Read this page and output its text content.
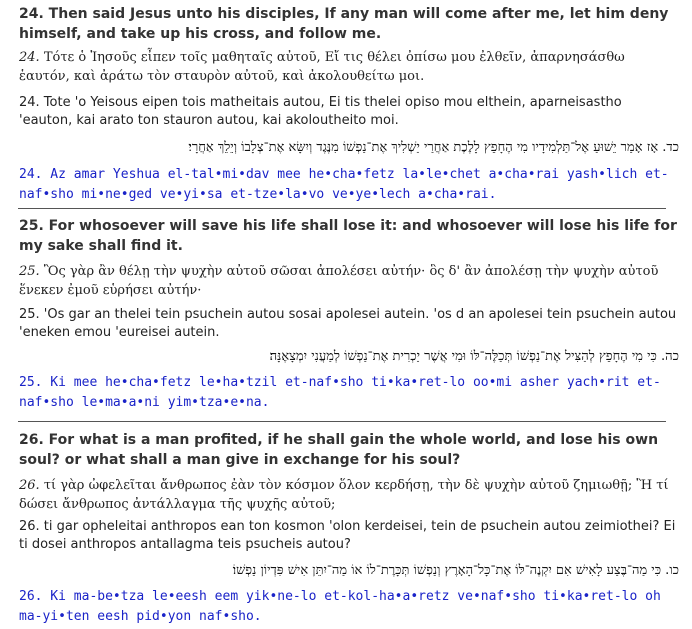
24. Then said Jesus unto his disciples, If any man will come after me, let him deny himself, and take up his cross, and follow me.

24. Τότε ὁ Ἰησοῦς εἶπεν τοῖς μαθηταῖς αὐτοῦ, Εἴ τις θέλει ὀπίσω μου ἐλθεῖν, ἀπαρνησάσθω ἑαυτόν, καὶ ἀράτω τὸν σταυρὸν αὐτοῦ, καὶ ἀκολουθείτω μοι.

24. Tote 'o Yeisous eipen tois matheitais autou, Ei tis thelei opiso mou elthein, aparneisastho 'eauton, kai arato ton stauron autou, kai akoloutheito moi.

כד. אָז אָמַר יֵשׁוּעַ אֶל־תַּלְמִידָיו מִי הֶחָפֵץ לָלֶכֶת אַחֲרַי יַשְׁלִיךְ אֶת־נַפְשׁוֹ מִנֶּגֶד וְיִשָּׂא אֶת־צְלָבוֹ וְיֵלֵךְ אַחֲרָי׃

24. Az amar Yeshua el-tal•mi•dav mee he•cha•fetz la•le•chet a•cha•rai yash•lich et-naf•sho mi•ne•ged ve•yi•sa et-tze•la•vo ve•ye•lech a•cha•rai.

25. For whosoever will save his life shall lose it: and whosoever will lose his life for my sake shall find it.

25. Ὃς γὰρ ἂν θέλῃ τὴν ψυχὴν αὐτοῦ σῶσαι ἀπολέσει αὐτήν· ὃς δ' ἂν ἀπολέσῃ τὴν ψυχὴν αὐτοῦ ἕνεκεν ἐμοῦ εὑρήσει αὐτήν·

25. 'Os gar an thelei tein psuchein autou sosai apolesei autein. 'os d an apolesei tein psuchein autou 'eneken emou 'eureisei autein.

כה. כִּי מִי הֶחָפֵץ לְהַצִּיל אֶת־נַפְשׁוֹ תְּכַלֶּה־לּוֹ וּמִי אֲשֶׁר יַכְרִית אֶת־נַפְשׁוֹ לְמַעֲנִי יִמְצָאֶנָּה׃

25. Ki mee he•cha•fetz le•ha•tzil et-naf•sho ti•ka•ret-lo oo•mi asher yach•rit et-naf•sho le•ma•a•ni yim•tza•e•na.

26. For what is a man profited, if he shall gain the whole world, and lose his own soul? or what shall a man give in exchange for his soul?

26. τί γὰρ ὠφελεῖται ἄνθρωπος ἐὰν τὸν κόσμον ὅλον κερδήσῃ, τὴν δὲ ψυχὴν αὐτοῦ ζημιωθῇ; Ἢ τί δώσει ἄνθρωπος ἀντάλλαγμα τῆς ψυχῆς αὐτοῦ;

26. ti gar opheleitai anthropos ean ton kosmon 'olon kerdeisei, tein de psuchein autou zeimiothei? Ei ti dosei anthropos antallagma teis psucheis autou?

כו. כִּי מַה־בֶּצַע לָאִישׁ אִם יִקְנֶה־לּוֹ אֶת־כָּל־הָאָרֶץ וְנַפְשׁוֹ תְּכָּרֶת־לוֹ אוֹ מַה־יִתֵּן אִישׁ פִּדְיוֹן נַפְשׁוֹ׃

26. Ki ma-be•tza le•eesh eem yik•ne-lo et-kol-ha•a•retz ve•naf•sho ti•ka•ret-lo oh ma-yi•ten eesh pid•yon naf•sho.
